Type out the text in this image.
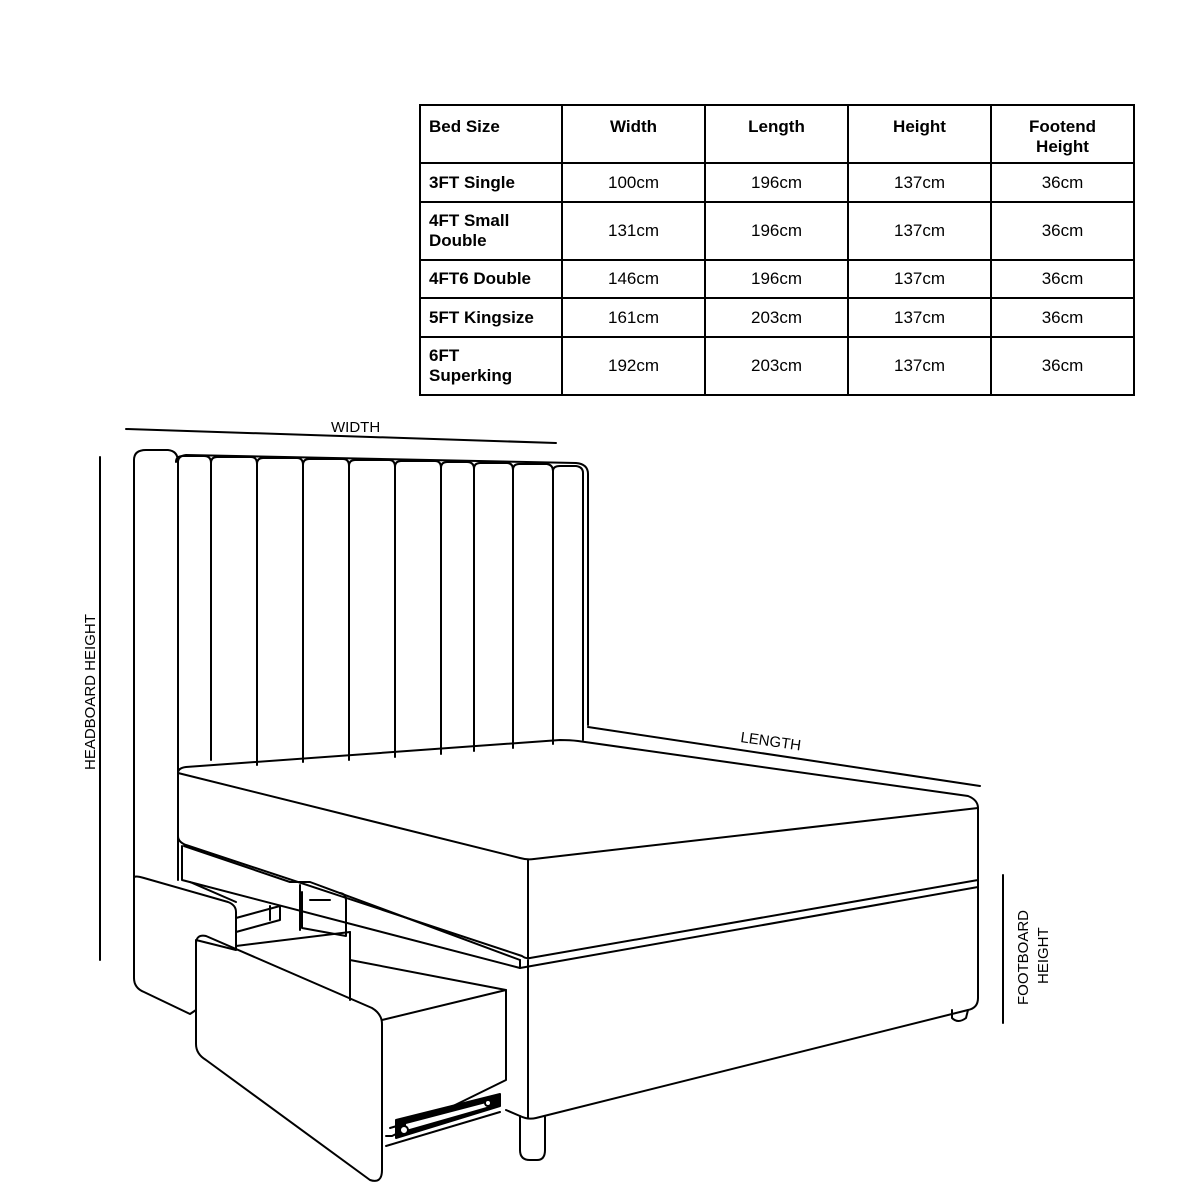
Bed Size	Width	Length	Height	Footend Height
3FT Single	100cm	196cm	137cm	36cm
4FT Small Double	131cm	196cm	137cm	36cm
4FT6 Double	146cm	196cm	137cm	36cm
5FT Kingsize	161cm	203cm	137cm	36cm
6FT Superking	192cm	203cm	137cm	36cm
WIDTH
LENGTH
HEADBOARD HEIGHT
FOOTBOARD HEIGHT
